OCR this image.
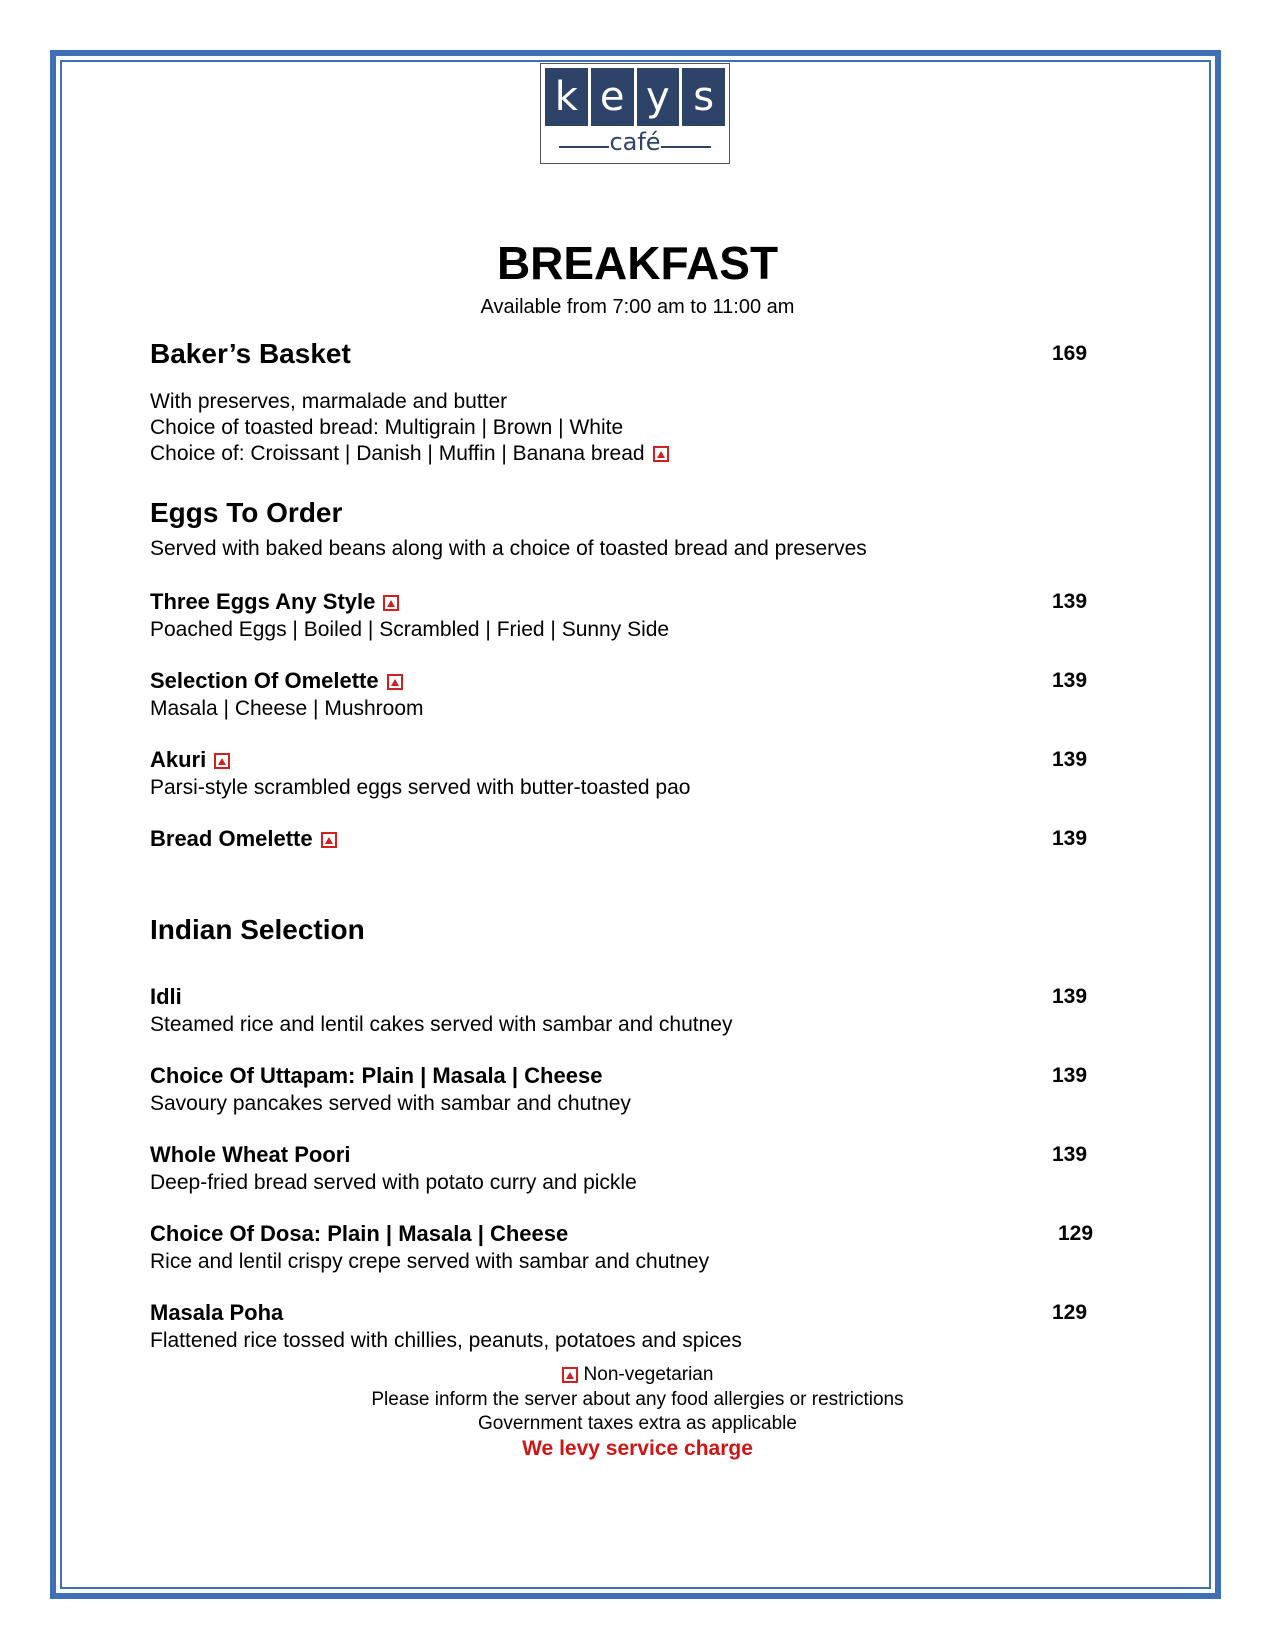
k e y s
café
BREAKFAST
Available from 7:00 am to 11:00 am
Baker’s Basket	169
With preserves, marmalade and butter
Choice of toasted bread: Multigrain | Brown | White
Choice of: Croissant | Danish | Muffin | Banana bread
Eggs To Order
Served with baked beans along with a choice of toasted bread and preserves
Three Eggs Any Style	139
Poached Eggs | Boiled | Scrambled | Fried | Sunny Side
Selection Of Omelette	139
Masala | Cheese | Mushroom
Akuri	139
Parsi-style scrambled eggs served with butter-toasted pao
Bread Omelette	139
Indian Selection
Idli	139
Steamed rice and lentil cakes served with sambar and chutney
Choice Of Uttapam: Plain | Masala | Cheese	139
Savoury pancakes served with sambar and chutney
Whole Wheat Poori	139
Deep-fried bread served with potato curry and pickle
Choice Of Dosa: Plain | Masala | Cheese	129
Rice and lentil crispy crepe served with sambar and chutney
Masala Poha	129
Flattened rice tossed with chillies, peanuts, potatoes and spices
Non-vegetarian
Please inform the server about any food allergies or restrictions
Government taxes extra as applicable
We levy service charge
